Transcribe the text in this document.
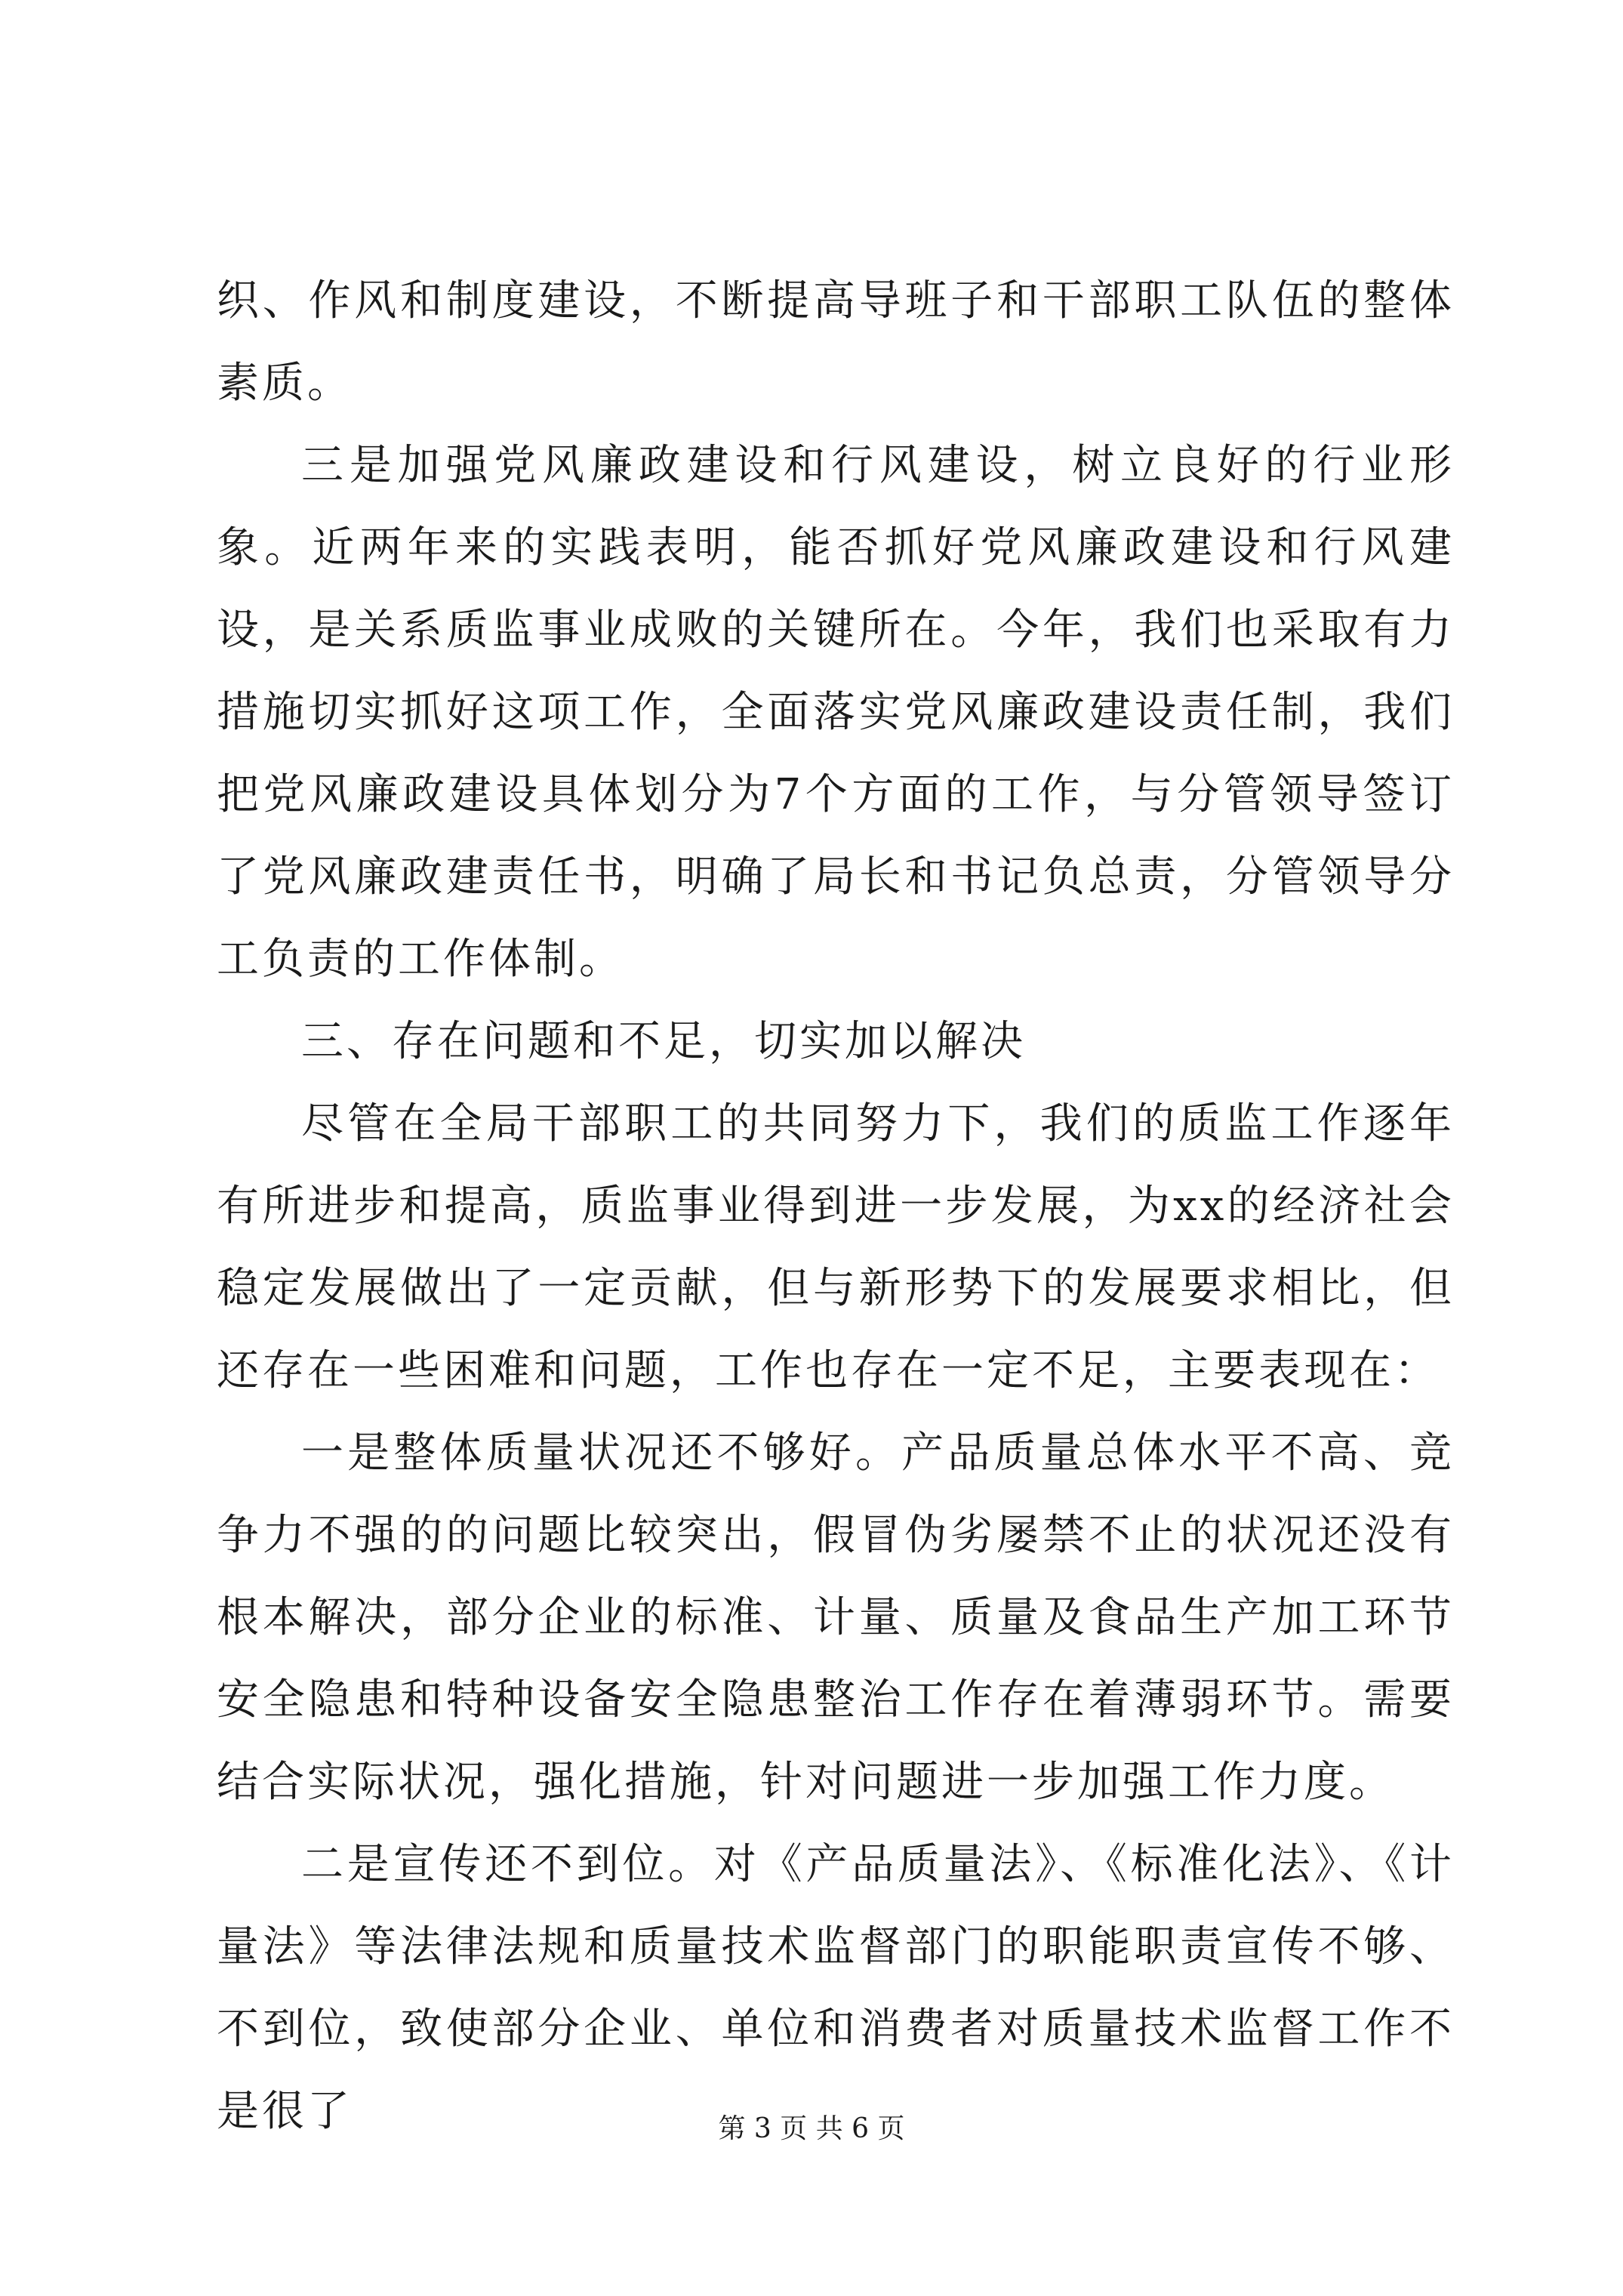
织、作风和制度建设，不断提高导班子和干部职工队伍的整体素质。

三是加强党风廉政建设和行风建设，树立良好的行业形象。近两年来的实践表明，能否抓好党风廉政建设和行风建设，是关系质监事业成败的关键所在。今年，我们也采取有力措施切实抓好这项工作，全面落实党风廉政建设责任制，我们把党风廉政建设具体划分为7个方面的工作，与分管领导签订了党风廉政建责任书，明确了局长和书记负总责，分管领导分工负责的工作体制。

三、存在问题和不足，切实加以解决

尽管在全局干部职工的共同努力下，我们的质监工作逐年有所进步和提高，质监事业得到进一步发展，为xx的经济社会稳定发展做出了一定贡献，但与新形势下的发展要求相比，但还存在一些困难和问题，工作也存在一定不足，主要表现在：

一是整体质量状况还不够好。产品质量总体水平不高、竞争力不强的的问题比较突出，假冒伪劣屡禁不止的状况还没有根本解决，部分企业的标准、计量、质量及食品生产加工环节安全隐患和特种设备安全隐患整治工作存在着薄弱环节。需要结合实际状况，强化措施，针对问题进一步加强工作力度。

二是宣传还不到位。对《产品质量法》、《标准化法》、《计量法》等法律法规和质量技术监督部门的职能职责宣传不够、不到位，致使部分企业、单位和消费者对质量技术监督工作不是很了	第 3 页 共 6 页
